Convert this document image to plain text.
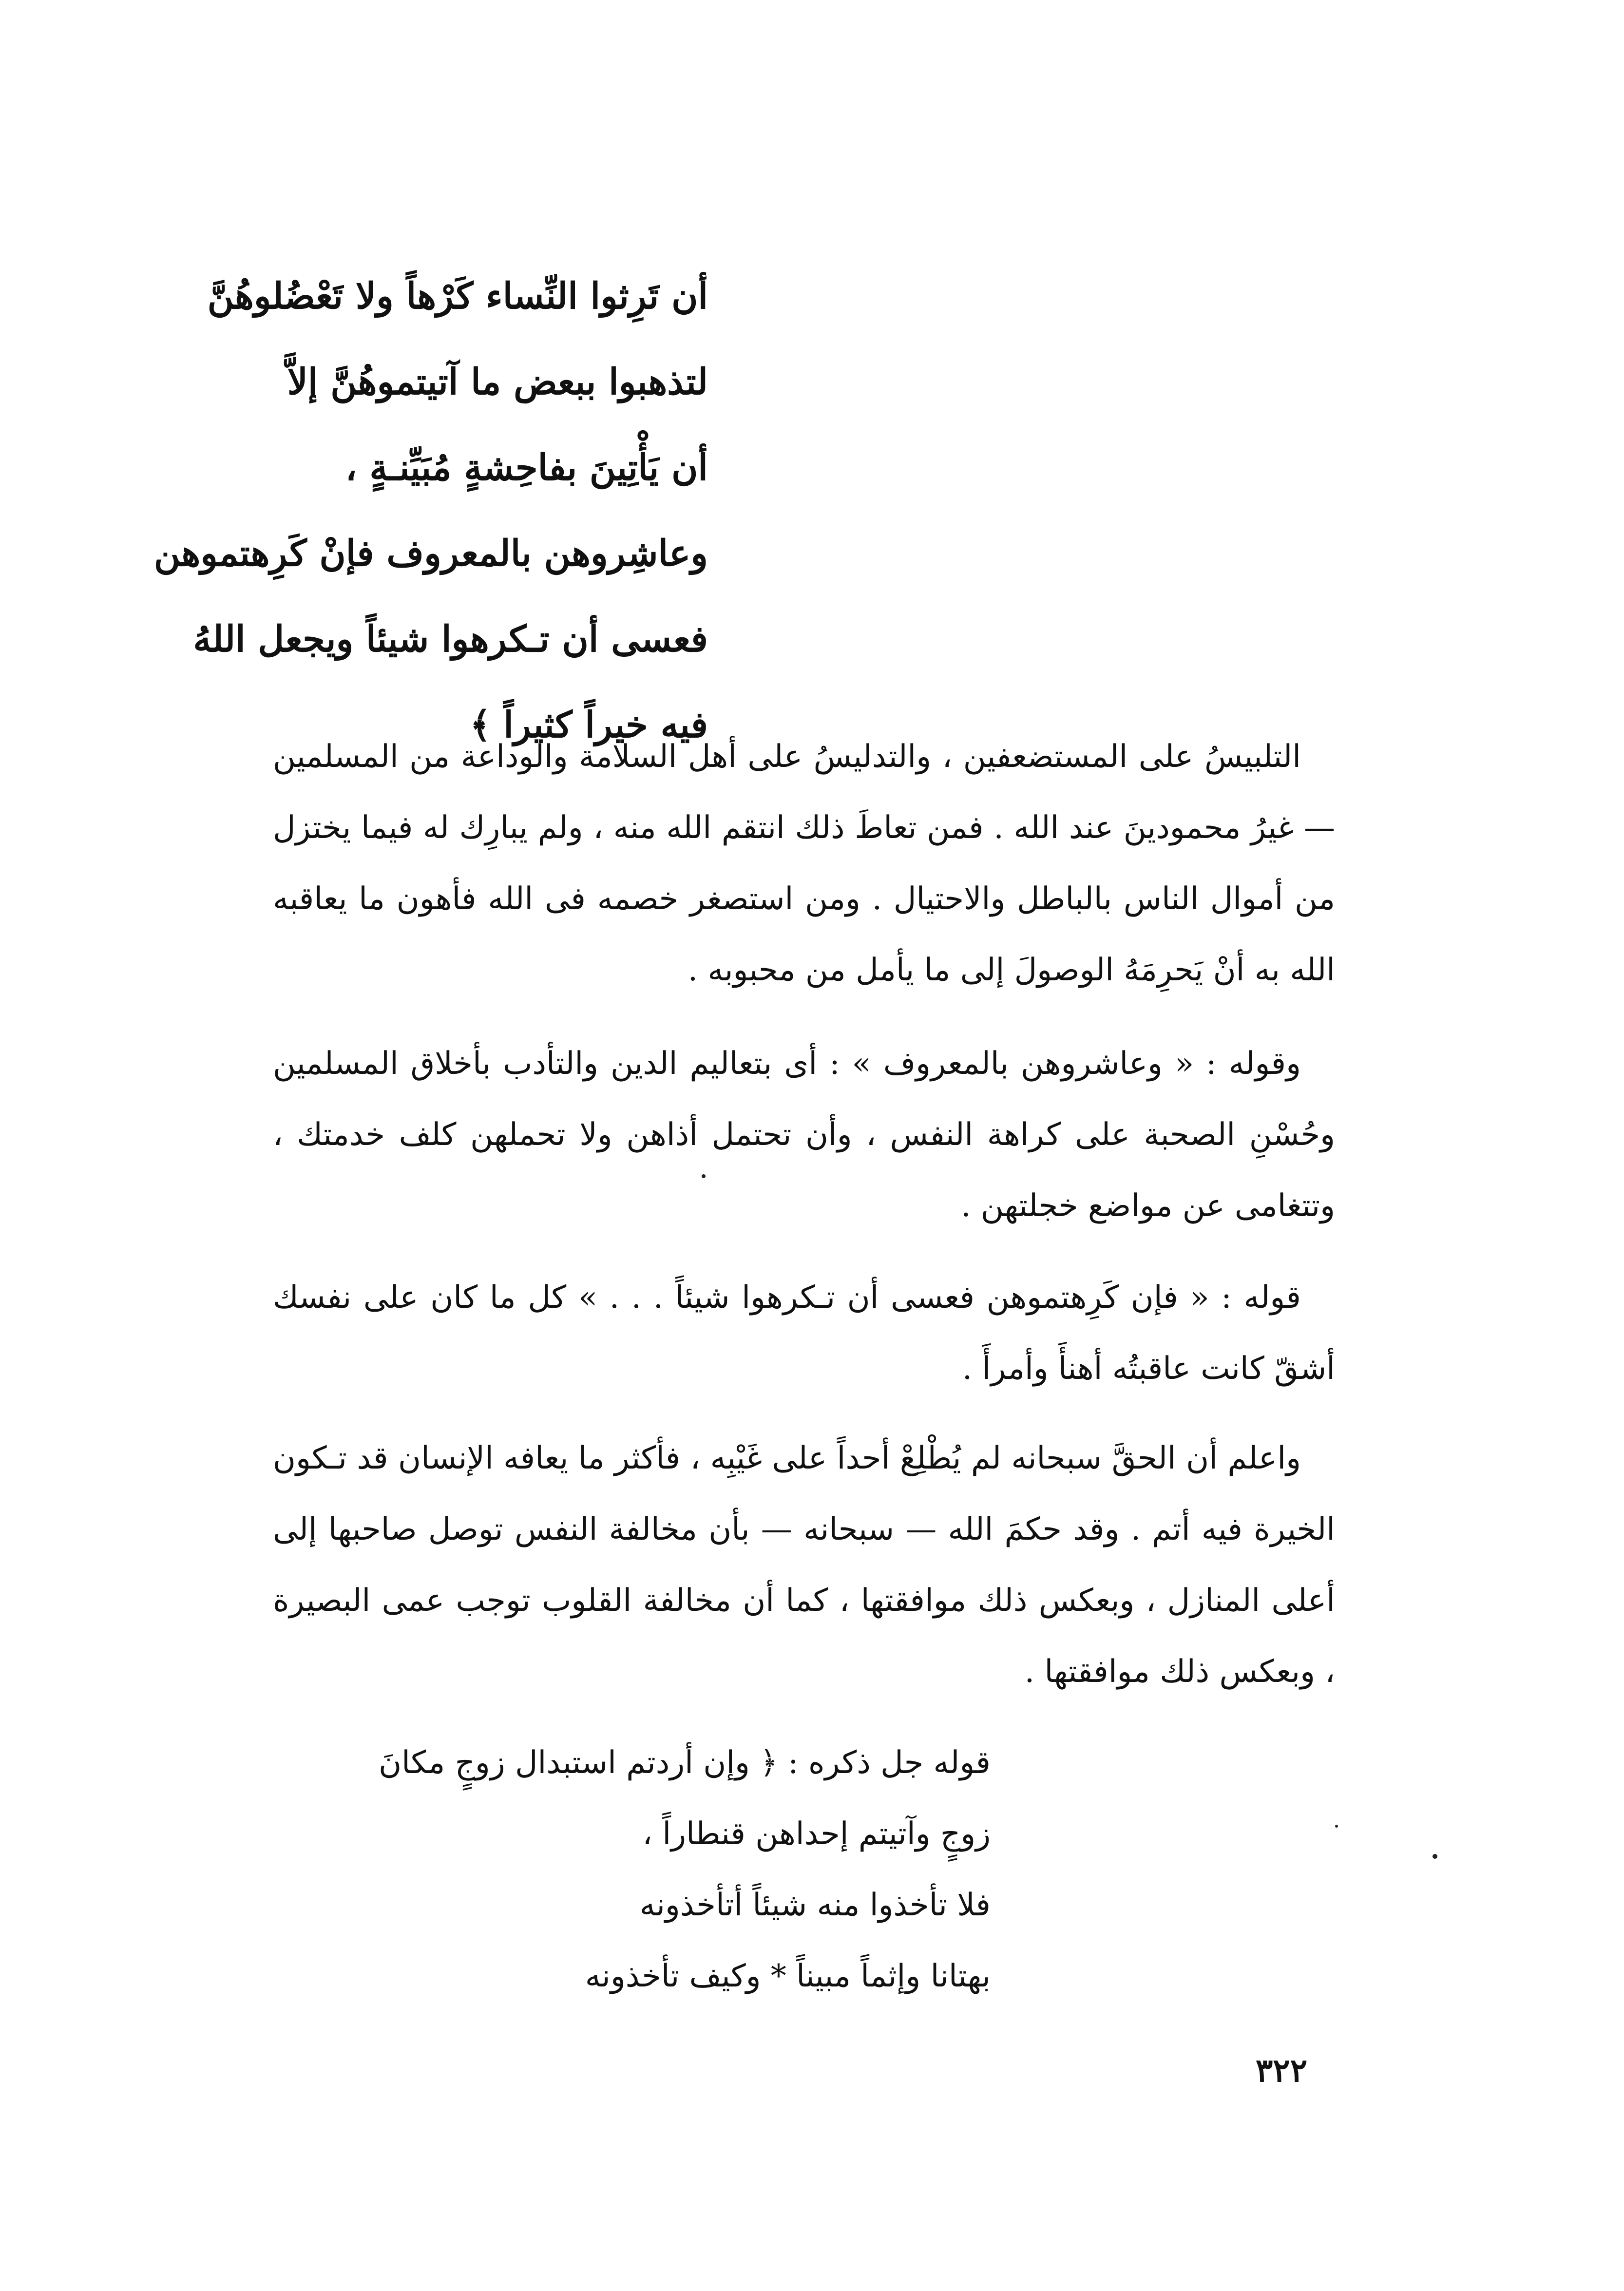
أن تَرِثوا النِّساء كَرْهاً ولا تَعْضُلوهُنَّ
لتذهبوا ببعض ما آتيتموهُنَّ إلاَّ
أن يَأْتِينَ بفاحِشةٍ مُبَيِّنـةٍ ،
وعاشِروهن بالمعروف فإنْ كَرِهتموهن
فعسى أن تـكرهوا شيئاً ويجعل اللهُ
فيه خيراً كثيراً ﴾

التلبيسُ على المستضعفين ، والتدليسُ على أهل السلامة والوداعة من المسلمين — غيرُ محمودينَ عند الله . فمن تعاطَ ذلك انتقم الله منه ، ولم يبارِك له فيما يختزل من أموال الناس بالباطل والاحتيال . ومن استصغر خصمه فى الله فأهون ما يعاقبه الله به أنْ يَحرِمَهُ الوصولَ إلى ما يأمل من محبوبه .

وقوله : « وعاشروهن بالمعروف » : أى بتعاليم الدين والتأدب بأخلاق المسلمين وحُسْنِ الصحبة على كراهة النفس ، وأن تحتمل أذاهن ولا تحملهن كلف خدمتك ، وتتغامى عن مواضع خجلتهن .

قوله : « فإن كَرِهتموهن فعسى أن تـكرهوا شيئاً . . . » كل ما كان على نفسك أشقّ كانت عاقبتُه أهنأَ وأمرأَ .

واعلم أن الحقَّ سبحانه لم يُطْلِعْ أحداً على غَيْبِه ، فأكثر ما يعافه الإنسان قد تـكون الخيرة فيه أتم . وقد حكمَ الله — سبحانه — بأن مخالفة النفس توصل صاحبها إلى أعلى المنازل ، وبعكس ذلك موافقتها ، كما أن مخالفة القلوب توجب عمى البصيرة ، وبعكس ذلك موافقتها .

قوله جل ذكره : ﴿ وإن أردتم استبدال زوجٍ مكانَ
زوجٍ وآتيتم إحداهن قنطاراً ،
فلا تأخذوا منه شيئاً أتأخذونه
بهتانا وإثماً مبيناً * وكيف تأخذونه
٣٢٢
